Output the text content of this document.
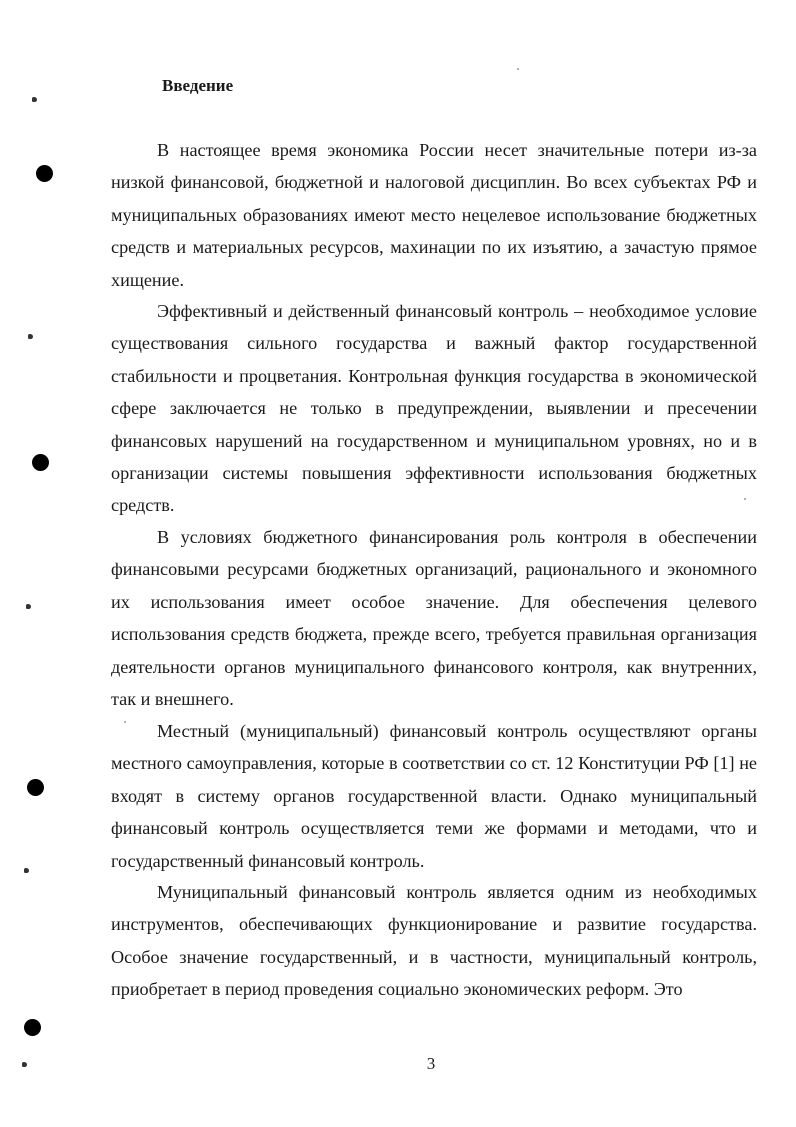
Введение

В настоящее время экономика России несет значительные потери из-за низкой финансовой, бюджетной и налоговой дисциплин. Во всех субъектах РФ и муниципальных образованиях имеют место нецелевое использование бюджетных средств и материальных ресурсов, махинации по их изъятию, а зачастую прямое хищение.

Эффективный и действенный финансовый контроль – необходимое условие существования сильного государства и важный фактор государственной стабильности и процветания. Контрольная функция государства в экономической сфере заключается не только в предупреждении, выявлении и пресечении финансовых нарушений на государственном и муниципальном уровнях, но и в организации системы повышения эффективности использования бюджетных средств.

В условиях бюджетного финансирования роль контроля в обеспечении финансовыми ресурсами бюджетных организаций, рационального и экономного их использования имеет особое значение. Для обеспечения целевого использования средств бюджета, прежде всего, требуется правильная организация деятельности органов муниципального финансового контроля, как внутренних, так и внешнего.

Местный (муниципальный) финансовый контроль осуществляют органы местного самоуправления, которые в соответствии со ст. 12 Конституции РФ [1] не входят в систему органов государственной власти. Однако муниципальный финансовый контроль осуществляется теми же формами и методами, что и государственный финансовый контроль.

Муниципальный финансовый контроль является одним из необходимых инструментов, обеспечивающих функционирование и развитие государства. Особое значение государственный, и в частности, муниципальный контроль, приобретает в период проведения социально экономических реформ. Это

3
